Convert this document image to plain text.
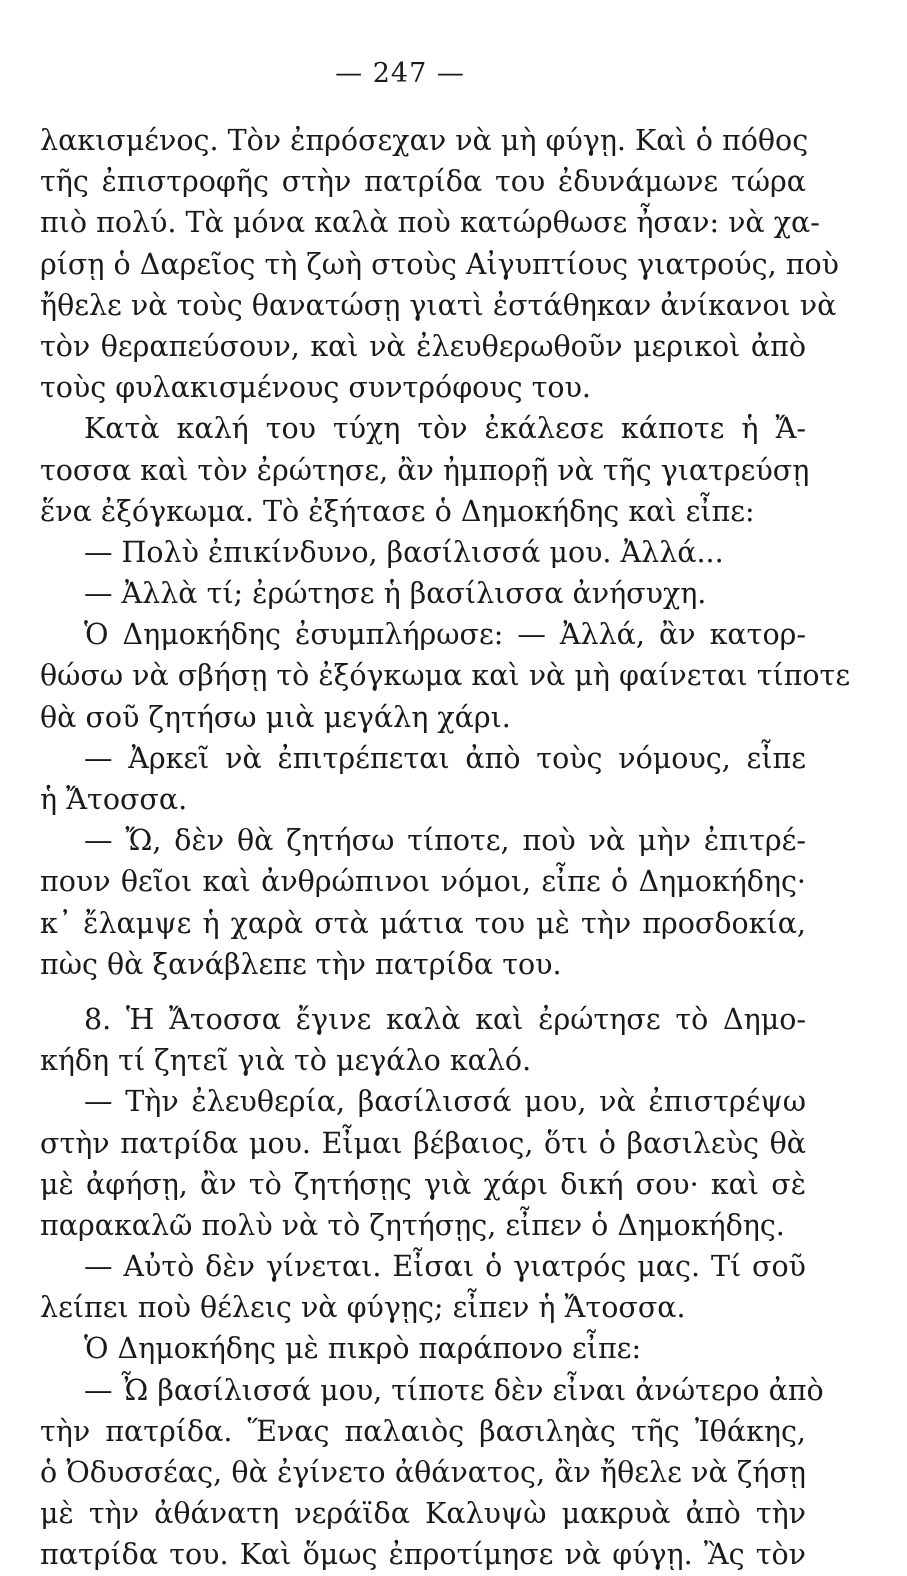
— 247 —
λακισμένος. Τὸν ἐπρόσεχαν νὰ μὴ φύγῃ. Καὶ ὁ πόθος
τῆς ἐπιστροφῆς στὴν πατρίδα του ἐδυνάμωνε τώρα
πιὸ πολύ. Τὰ μόνα καλὰ ποὺ κατώρθωσε ἦσαν: νὰ χα-
ρίσῃ ὁ Δαρεῖος τὴ ζωὴ στοὺς Αἰγυπτίους γιατρούς, ποὺ
ἤθελε νὰ τοὺς θανατώσῃ γιατὶ ἐστάθηκαν ἀνίκανοι νὰ
τὸν θεραπεύσουν, καὶ νὰ ἐλευθερωθοῦν μερικοὶ ἀπὸ
τοὺς φυλακισμένους συντρόφους του.
Κατὰ καλή του τύχη τὸν ἐκάλεσε κάποτε ἡ Ἄ-
τοσσα καὶ τὸν ἐρώτησε, ἂν ἠμπορῇ νὰ τῆς γιατρεύσῃ
ἕνα ἐξόγκωμα. Τὸ ἐξήτασε ὁ Δημοκήδης καὶ εἶπε:
— Πολὺ ἐπικίνδυνο, βασίλισσά μου. Ἀλλά...
— Ἀλλὰ τί; ἐρώτησε ἡ βασίλισσα ἀνήσυχη.
Ὁ Δημοκήδης ἐσυμπλήρωσε: — Ἀλλά, ἂν κατορ-
θώσω νὰ σβήσῃ τὸ ἐξόγκωμα καὶ νὰ μὴ φαίνεται τίποτε
θὰ σοῦ ζητήσω μιὰ μεγάλη χάρι.
— Ἀρκεῖ νὰ ἐπιτρέπεται ἀπὸ τοὺς νόμους, εἶπε
ἡ Ἄτοσσα.
— Ὤ, δὲν θὰ ζητήσω τίποτε, ποὺ νὰ μὴν ἐπιτρέ-
πουν θεῖοι καὶ ἀνθρώπινοι νόμοι, εἶπε ὁ Δημοκήδης·
κ᾿ ἔλαμψε ἡ χαρὰ στὰ μάτια του μὲ τὴν προσδοκία,
πὼς θὰ ξανάβλεπε τὴν πατρίδα του.
8. Ἡ Ἄτοσσα ἔγινε καλὰ καὶ ἐρώτησε τὸ Δημο-
κήδη τί ζητεῖ γιὰ τὸ μεγάλο καλό.
— Τὴν ἐλευθερία, βασίλισσά μου, νὰ ἐπιστρέψω
στὴν πατρίδα μου. Εἶμαι βέβαιος, ὅτι ὁ βασιλεὺς θὰ
μὲ ἀφήσῃ, ἂν τὸ ζητήσῃς γιὰ χάρι δική σου· καὶ σὲ
παρακαλῶ πολὺ νὰ τὸ ζητήσῃς, εἶπεν ὁ Δημοκήδης.
— Αὐτὸ δὲν γίνεται. Εἶσαι ὁ γιατρός μας. Τί σοῦ
λείπει ποὺ θέλεις νὰ φύγῃς; εἶπεν ἡ Ἄτοσσα.
Ὁ Δημοκήδης μὲ πικρὸ παράπονο εἶπε:
— Ὦ βασίλισσά μου, τίποτε δὲν εἶναι ἀνώτερο ἀπὸ
τὴν πατρίδα. Ἕνας παλαιὸς βασιληὰς τῆς Ἰθάκης,
ὁ Ὀδυσσέας, θὰ ἐγίνετο ἀθάνατος, ἂν ἤθελε νὰ ζήσῃ
μὲ τὴν ἀθάνατη νεράϊδα Καλυψὼ μακρυὰ ἀπὸ τὴν
πατρίδα του. Καὶ ὅμως ἐπροτίμησε νὰ φύγῃ. Ἂς τὸν
